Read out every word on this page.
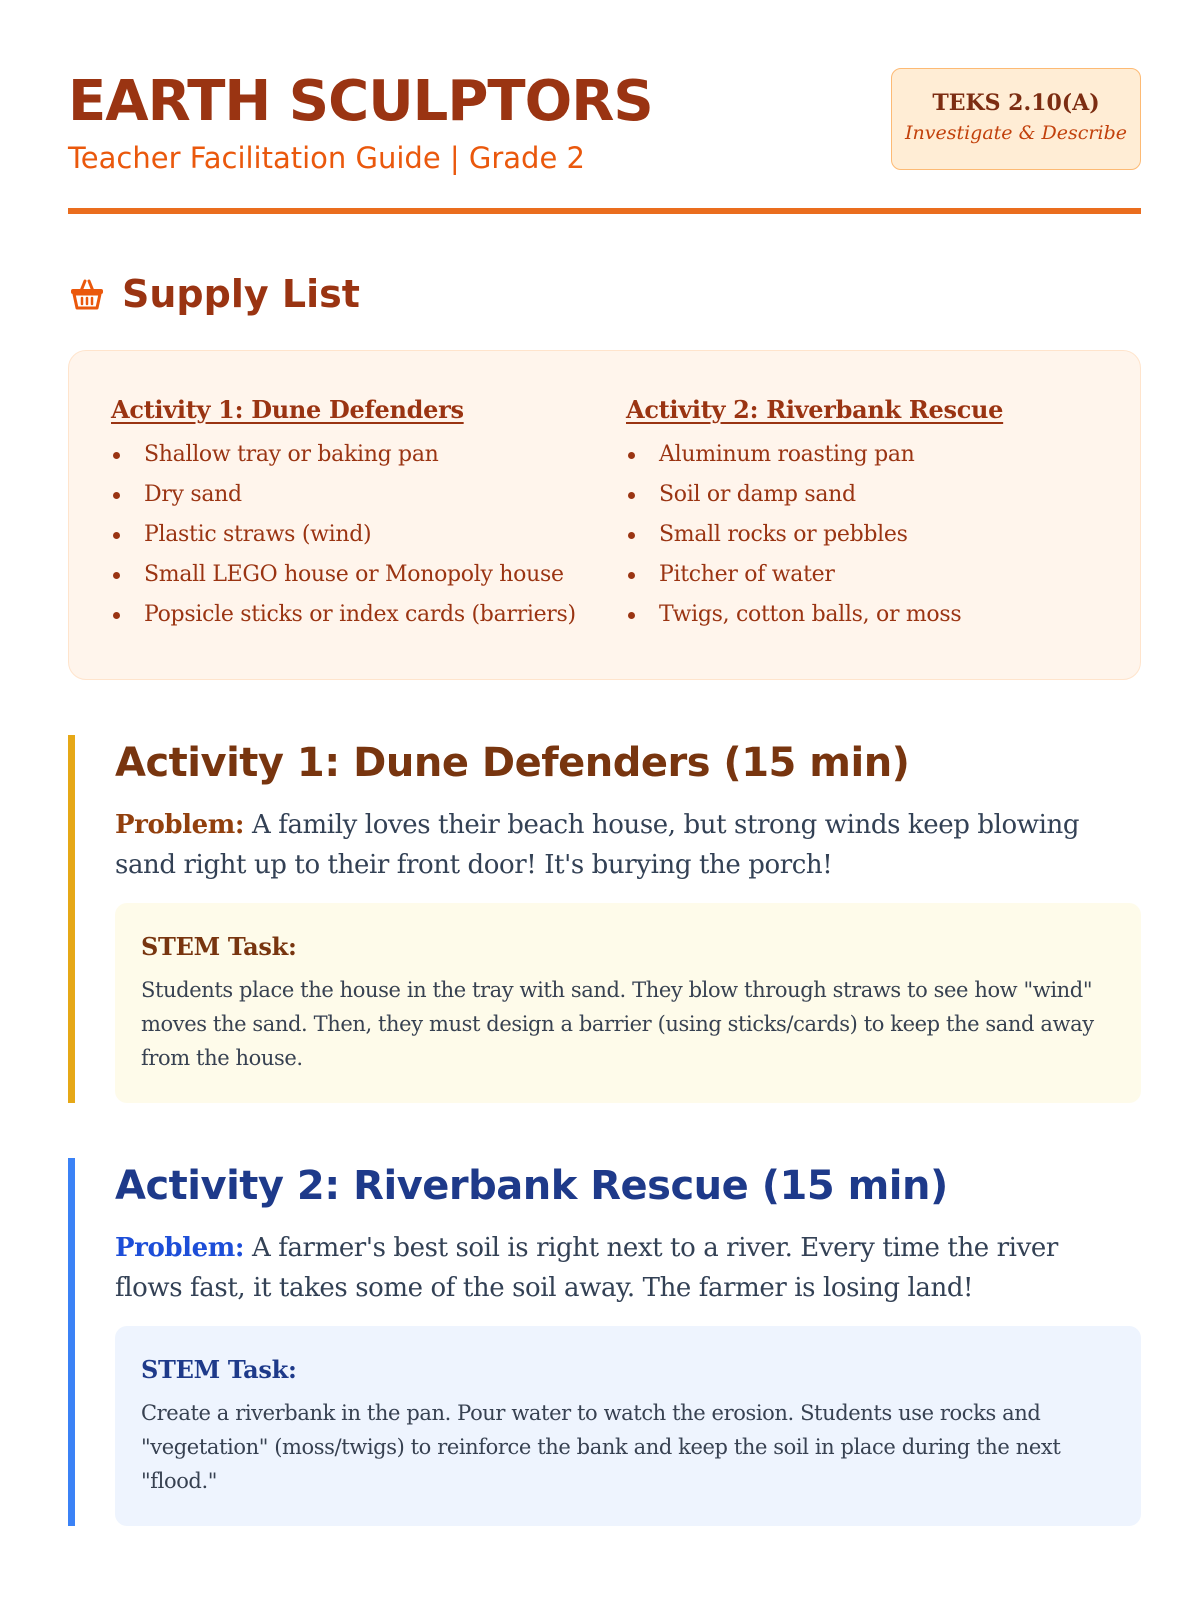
EARTH SCULPTORS
Teacher Facilitation Guide | Grade 2
TEKS 2.10(A)
Investigate & Describe
Supply List
Activity 1: Dune Defenders
Shallow tray or baking pan
Dry sand
Plastic straws (wind)
Small LEGO house or Monopoly house
Popsicle sticks or index cards (barriers)
Activity 2: Riverbank Rescue
Aluminum roasting pan
Soil or damp sand
Small rocks or pebbles
Pitcher of water
Twigs, cotton balls, or moss
Activity 1: Dune Defenders (15 min)

Problem: A family loves their beach house, but strong winds keep blowing sand right up to their front door! It's burying the porch!

STEM Task:
Students place the house in the tray with sand. They blow through straws to see how "wind" moves the sand. Then, they must design a barrier (using sticks/cards) to keep the sand away from the house.
Activity 2: Riverbank Rescue (15 min)

Problem: A farmer's best soil is right next to a river. Every time the river flows fast, it takes some of the soil away. The farmer is losing land!

STEM Task:
Create a riverbank in the pan. Pour water to watch the erosion. Students use rocks and "vegetation" (moss/twigs) to reinforce the bank and keep the soil in place during the next "flood."
